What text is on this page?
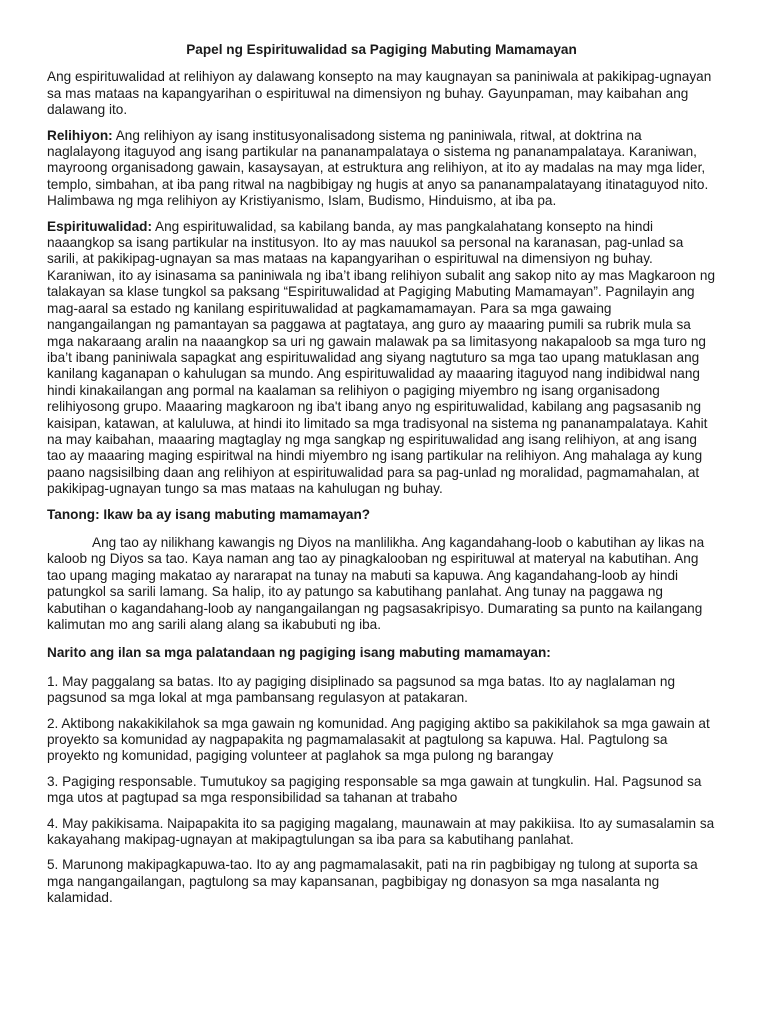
Papel ng Espirituwalidad sa Pagiging Mabuting Mamamayan

Ang espirituwalidad at relihiyon ay dalawang konsepto na may kaugnayan sa paniniwala at pakikipag-ugnayan sa mas mataas na kapangyarihan o espirituwal na dimensiyon ng buhay. Gayunpaman, may kaibahan ang dalawang ito.

Relihiyon: Ang relihiyon ay isang institusyonalisadong sistema ng paniniwala, ritwal, at doktrina na naglalayong itaguyod ang isang partikular na pananampalataya o sistema ng pananampalataya. Karaniwan, mayroong organisadong gawain, kasaysayan, at estruktura ang relihiyon, at ito ay madalas na may mga lider, templo, simbahan, at iba pang ritwal na nagbibigay ng hugis at anyo sa pananampalatayang itinataguyod nito. Halimbawa ng mga relihiyon ay Kristiyanismo, Islam, Budismo, Hinduismo, at iba pa.

Espirituwalidad: Ang espirituwalidad, sa kabilang banda, ay mas pangkalahatang konsepto na hindi naaangkop sa isang partikular na institusyon. Ito ay mas nauukol sa personal na karanasan, pag-unlad sa sarili, at pakikipag-ugnayan sa mas mataas na kapangyarihan o espirituwal na dimensiyon ng buhay. Karaniwan, ito ay isinasama sa paniniwala ng iba’t ibang relihiyon subalit ang sakop nito ay mas Magkaroon ng talakayan sa klase tungkol sa paksang “Espirituwalidad at Pagiging Mabuting Mamamayan”. Pagnilayin ang mag-aaral sa estado ng kanilang espirituwalidad at pagkamamamayan. Para sa mga gawaing nangangailangan ng pamantayan sa paggawa at pagtataya, ang guro ay maaaring pumili sa rubrik mula sa mga nakaraang aralin na naaangkop sa uri ng gawain malawak pa sa limitasyong nakapaloob sa mga turo ng iba’t ibang paniniwala sapagkat ang espirituwalidad ang siyang nagtuturo sa mga tao upang matuklasan ang kanilang kaganapan o kahulugan sa mundo. Ang espirituwalidad ay maaaring itaguyod nang indibidwal nang hindi kinakailangan ang pormal na kaalaman sa relihiyon o pagiging miyembro ng isang organisadong relihiyosong grupo. Maaaring magkaroon ng iba't ibang anyo ng espirituwalidad, kabilang ang pagsasanib ng kaisipan, katawan, at kaluluwa, at hindi ito limitado sa mga tradisyonal na sistema ng pananampalataya. Kahit na may kaibahan, maaaring magtaglay ng mga sangkap ng espirituwalidad ang isang relihiyon, at ang isang tao ay maaaring maging espiritwal na hindi miyembro ng isang partikular na relihiyon. Ang mahalaga ay kung paano nagsisilbing daan ang relihiyon at espirituwalidad para sa pag-unlad ng moralidad, pagmamahalan, at pakikipag-ugnayan tungo sa mas mataas na kahulugan ng buhay.

Tanong: Ikaw ba ay isang mabuting mamamayan?

Ang tao ay nilikhang kawangis ng Diyos na manlilikha. Ang kagandahang-loob o kabutihan ay likas na kaloob ng Diyos sa tao. Kaya naman ang tao ay pinagkalooban ng espirituwal at materyal na kabutihan. Ang tao upang maging makatao ay nararapat na tunay na mabuti sa kapuwa. Ang kagandahang-loob ay hindi patungkol sa sarili lamang. Sa halip, ito ay patungo sa kabutihang panlahat. Ang tunay na paggawa ng kabutihan o kagandahang-loob ay nangangailangan ng pagsasakripisyo. Dumarating sa punto na kailangang kalimutan mo ang sarili alang alang sa ikabubuti ng iba.

Narito ang ilan sa mga palatandaan ng pagiging isang mabuting mamamayan:

1. May paggalang sa batas. Ito ay pagiging disiplinado sa pagsunod sa mga batas. Ito ay naglalaman ng pagsunod sa mga lokal at mga pambansang regulasyon at patakaran.

2. Aktibong nakakikilahok sa mga gawain ng komunidad. Ang pagiging aktibo sa pakikilahok sa mga gawain at proyekto sa komunidad ay nagpapakita ng pagmamalasakit at pagtulong sa kapuwa. Hal. Pagtulong sa proyekto ng komunidad, pagiging volunteer at paglahok sa mga pulong ng barangay

3. Pagiging responsable. Tumutukoy sa pagiging responsable sa mga gawain at tungkulin. Hal. Pagsunod sa mga utos at pagtupad sa mga responsibilidad sa tahanan at trabaho

4. May pakikisama. Naipapakita ito sa pagiging magalang, maunawain at may pakikiisa. Ito ay sumasalamin sa kakayahang makipag-ugnayan at makipagtulungan sa iba para sa kabutihang panlahat.

5. Marunong makipagkapuwa-tao. Ito ay ang pagmamalasakit, pati na rin pagbibigay ng tulong at suporta sa mga nangangailangan, pagtulong sa may kapansanan, pagbibigay ng donasyon sa mga nasalanta ng kalamidad.
